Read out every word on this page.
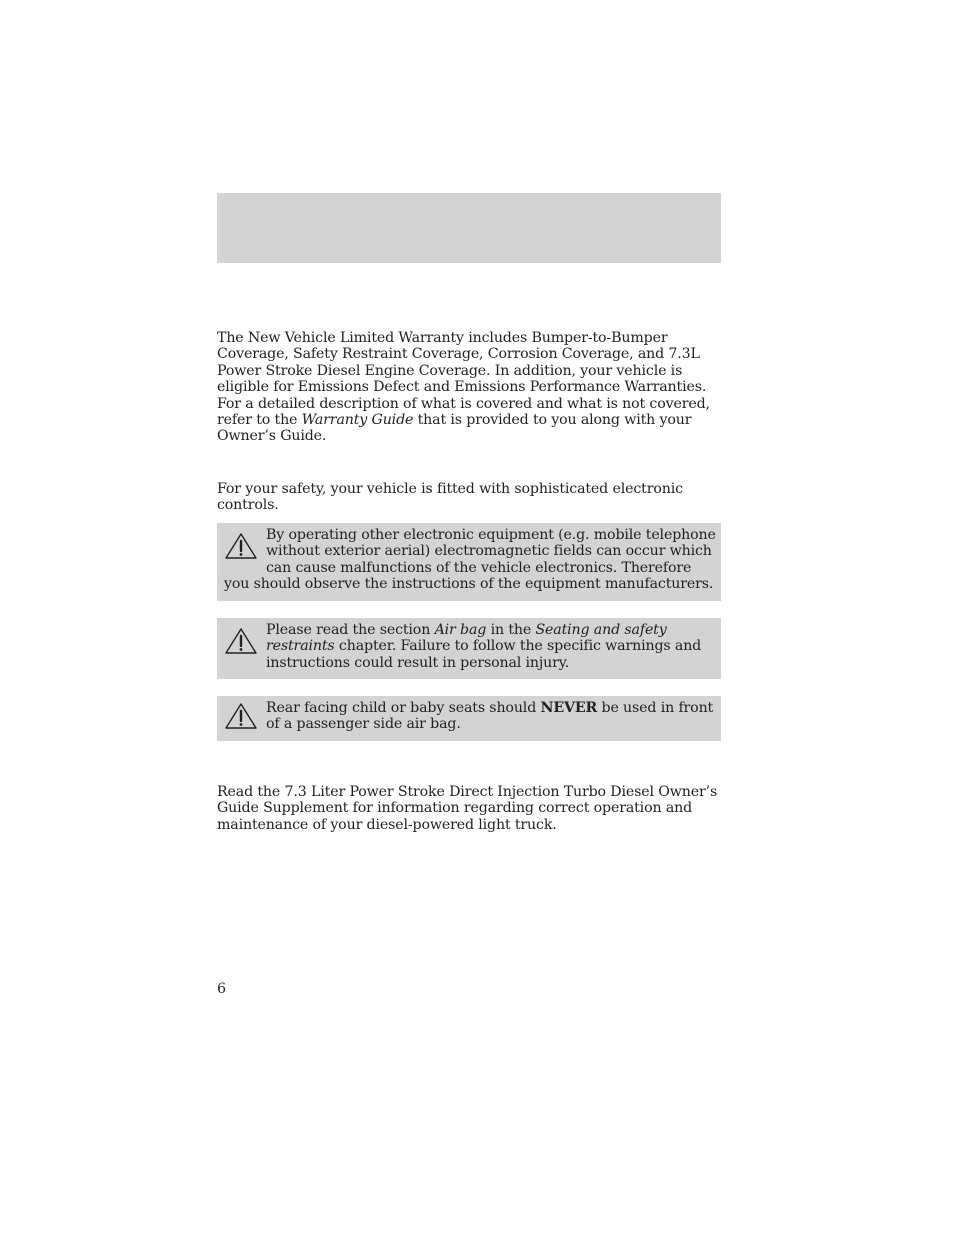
The New Vehicle Limited Warranty includes Bumper-to-Bumper Coverage, Safety Restraint Coverage, Corrosion Coverage, and 7.3L Power Stroke Diesel Engine Coverage. In addition, your vehicle is eligible for Emissions Defect and Emissions Performance Warranties. For a detailed description of what is covered and what is not covered, refer to the Warranty Guide that is provided to you along with your Owner’s Guide.

For your safety, your vehicle is fitted with sophisticated electronic controls.

By operating other electronic equipment (e.g. mobile telephone without exterior aerial) electromagnetic fields can occur which can cause malfunctions of the vehicle electronics. Therefore you should observe the instructions of the equipment manufacturers.

Please read the section Air bag in the Seating and safety restraints chapter. Failure to follow the specific warnings and instructions could result in personal injury.

Rear facing child or baby seats should NEVER be used in front of a passenger side air bag.

Read the 7.3 Liter Power Stroke Direct Injection Turbo Diesel Owner’s Guide Supplement for information regarding correct operation and maintenance of your diesel-powered light truck.

6
